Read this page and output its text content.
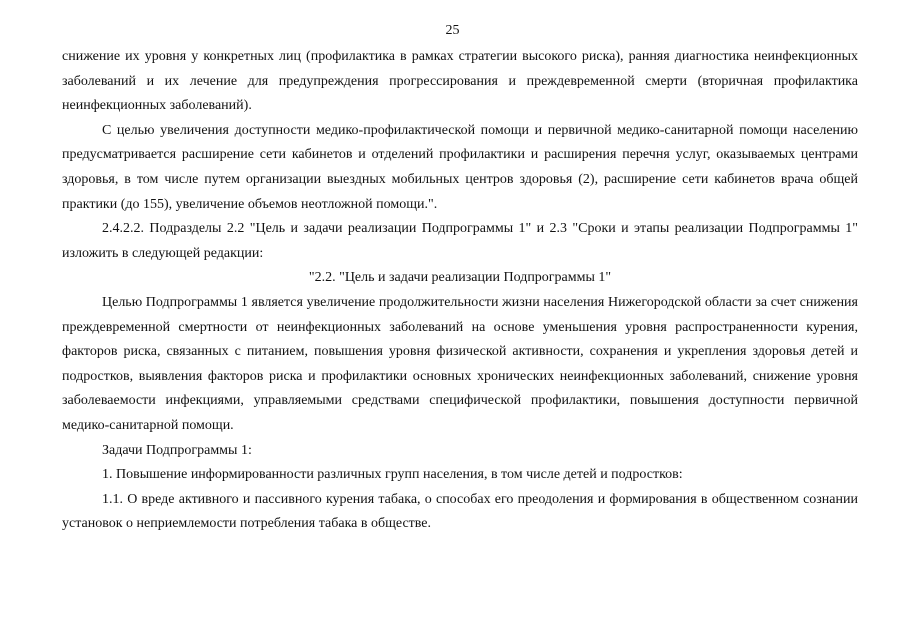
25

снижение их уровня у конкретных лиц (профилактика в рамках стратегии высокого риска), ранняя диагностика неинфекционных заболеваний и их лечение для предупреждения прогрессирования и преждевременной смерти (вторичная профилактика неинфекционных заболеваний).

С целью увеличения доступности медико-профилактической помощи и первичной медико-санитарной помощи населению предусматривается расширение сети кабинетов и отделений профилактики и расширения перечня услуг, оказываемых центрами здоровья, в том числе путем организации выездных мобильных центров здоровья (2), расширение сети кабинетов врача общей практики (до 155), увеличение объемов неотложной помощи.".

2.4.2.2. Подразделы 2.2 "Цель и задачи реализации Подпрограммы 1" и 2.3 "Сроки и этапы реализации Подпрограммы 1" изложить в следующей редакции:

"2.2. "Цель и задачи реализации Подпрограммы 1"

Целью Подпрограммы 1 является увеличение продолжительности жизни населения Нижегородской области за счет снижения преждевременной смертности от неинфекционных заболеваний на основе уменьшения уровня распространенности курения, факторов риска, связанных с питанием, повышения уровня физической активности, сохранения и укрепления здоровья детей и подростков, выявления факторов риска и профилактики основных хронических неинфекционных заболеваний, снижение уровня заболеваемости инфекциями, управляемыми средствами специфической профилактики, повышения доступности первичной медико-санитарной помощи.

Задачи Подпрограммы 1:

1. Повышение информированности различных групп населения, в том числе детей и подростков:

1.1. О вреде активного и пассивного курения табака, о способах его преодоления и формирования в общественном сознании установок о неприемлемости потребления табака в обществе.
